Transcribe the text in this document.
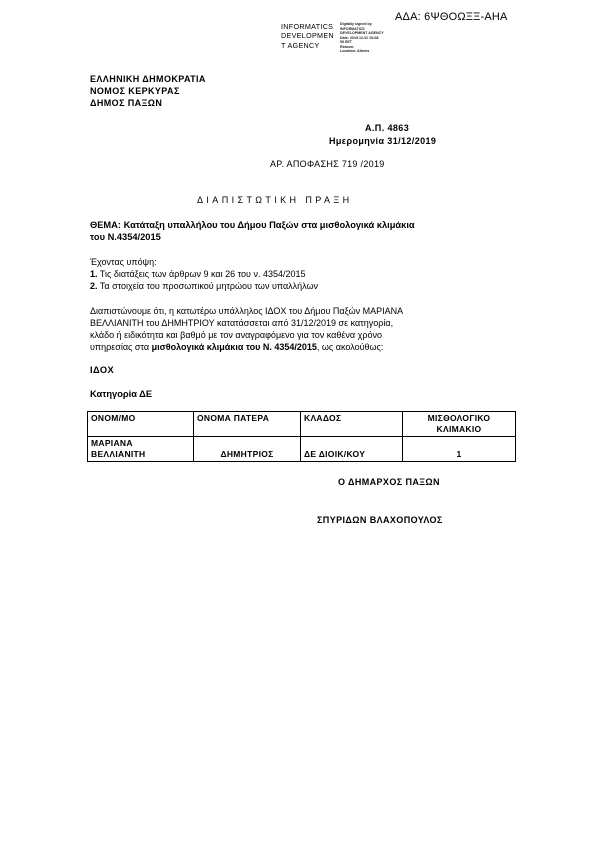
ΑΔΑ: 6ΨΘΟΩΞΞ-ΑΗΑ
INFORMATICS
DEVELOPMEN
T AGENCY
Digitally signed by
INFORMATICS
DEVELOPMENT AGENCY
Date: 2019.12.31 19:28:
59 EET
Reason:
Location: Athens
ΕΛΛΗΝΙΚΗ ΔΗΜΟΚΡΑΤΙΑ
ΝΟΜΟΣ ΚΕΡΚΥΡΑΣ
ΔΗΜΟΣ ΠΑΞΩΝ
Α.Π. 4863
Ημερομηνία 31/12/2019
ΑΡ. ΑΠΟΦΑΣΗΣ 719 /2019
ΔΙΑΠΙΣΤΩΤΙΚΗ ΠΡΑΞΗ
ΘΕΜΑ: Κατάταξη υπαλλήλου του Δήμου Παξών στα μισθολογικά κλιμάκια
του Ν.4354/2015
Έχοντας υπόψη:
1. Τις διατάξεις των άρθρων 9 και 26 του ν. 4354/2015
2. Τα στοιχεία του προσωπικού μητρώου των υπαλλήλων
Διαπιστώνουμε ότι, η κατωτέρω υπάλληλος ΙΔΟΧ του Δήμου Παξών ΜΑΡΙΑΝΑ
ΒΕΛΛΙΑΝΙΤΗ του ΔΗΜΗΤΡΙΟΥ κατατάσσεται από 31/12/2019 σε κατηγορία,
κλάδο ή ειδικότητα και βαθμό με τον αναγραφόμενο για τον καθένα χρόνο
υπηρεσίας στα μισθολογικά κλιμάκια του Ν. 4354/2015, ως ακολούθως:
ΙΔΟΧ
Κατηγορία ΔΕ
ΟΝΟΜ/ΜΟ	ΟΝΟΜΑ ΠΑΤΕΡΑ	ΚΛΑΔΟΣ	ΜΙΣΘΟΛΟΓΙΚΟ ΚΛΙΜΑΚΙΟ

ΜΑΡΙΑΝΑ
ΒΕΛΛΙΑΝΙΤΗ	ΔΗΜΗΤΡΙΟΣ	ΔΕ ΔΙΟΙΚ/ΚΟΥ	1
Ο ΔΗΜΑΡΧΟΣ ΠΑΞΩΝ
ΣΠΥΡΙΔΩΝ ΒΛΑΧΟΠΟΥΛΟΣ
